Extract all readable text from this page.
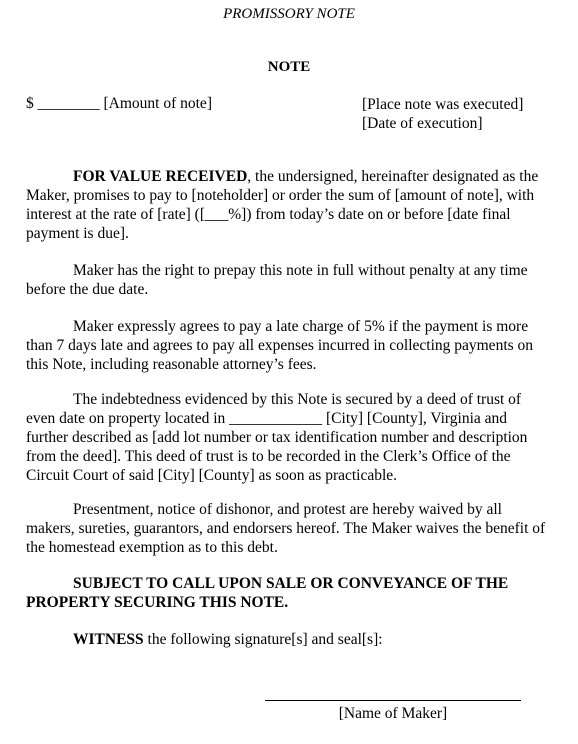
PROMISSORY NOTE
NOTE
$ ________ [Amount of note]	[Place note was executed]
[Date of execution]

FOR VALUE RECEIVED, the undersigned, hereinafter designated as the Maker, promises to pay to [noteholder] or order the sum of [amount of note], with interest at the rate of [rate] ([___%]) from today’s date on or before [date final payment is due].

Maker has the right to prepay this note in full without penalty at any time before the due date.

Maker expressly agrees to pay a late charge of 5% if the payment is more than 7 days late and agrees to pay all expenses incurred in collecting payments on this Note, including reasonable attorney’s fees.

The indebtedness evidenced by this Note is secured by a deed of trust of even date on property located in ____________ [City] [County], Virginia and further described as [add lot number or tax identification number and description from the deed]. This deed of trust is to be recorded in the Clerk’s Office of the Circuit Court of said [City] [County] as soon as practicable.

Presentment, notice of dishonor, and protest are hereby waived by all makers, sureties, guarantors, and endorsers hereof. The Maker waives the benefit of the homestead exemption as to this debt.

SUBJECT TO CALL UPON SALE OR CONVEYANCE OF THE PROPERTY SECURING THIS NOTE.

WITNESS the following signature[s] and seal[s]:

[Name of Maker]
